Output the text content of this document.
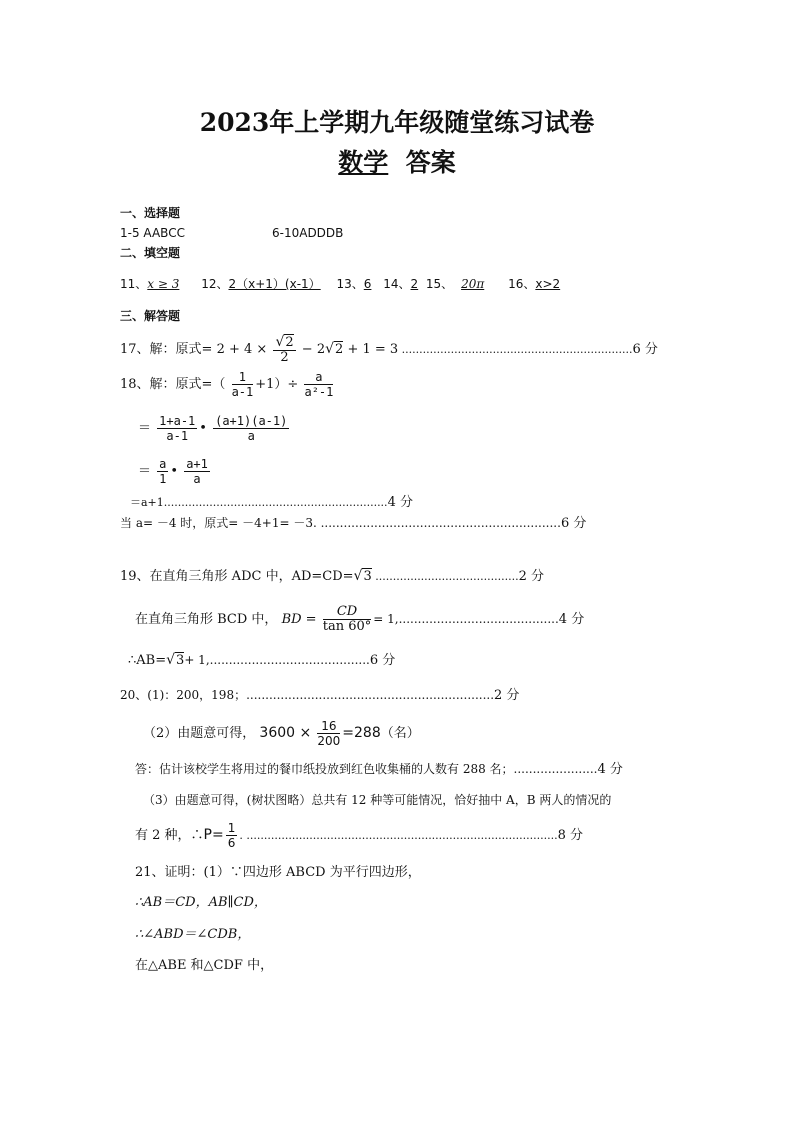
2023年上学期九年级随堂练习试卷
数学 答案
一、选择题
1-5 AABCC	6-10ADDDB
二、填空题
11、x ≥ 3 12、2（x+1）(x-1） 13、6 14、2 15、 20π 16、x>2
三、解答题
17、解：原式= $2 + 4 \times \frac{√2}{2} - 2√2 + 1 = 3$ ..................................................................6 分
18、解：原式=（ $\frac{1}{a-1} +1)\div \frac{a}{\text{a²-1}}$
＝ $\frac{1+a-1}{a-1}$ • $\frac{(a+1)(a-1)}{a}$
＝ $\frac{a}{1}$ • $\frac{a+1}{a}$
＝a+1................................................................4 分
当 a= －4 时，原式= －4+1= －3. ...............................................................6 分
19、在直角三角形 ADC 中，AD=CD=√3 .........................................2 分
在直角三角形 BCD 中， BD = $\frac{CD}{\tan 60^\circ} = 1,..........................................4$ 分
∴AB=√3+ 1,..........................................6 分
20、(1)：200，198；.................................................................2 分
（2）由题意可得， $3600 \times \frac{16}{200} =288$（名）
答：估计该校学生将用过的餐巾纸投放到红色收集桶的人数有 288 名；......................4 分
（3）由题意可得，(树状图略）总共有 12 种等可能情况，恰好抽中 A，B 两人的情况的
有 2 种，∴P= $\frac{1}{6}$ . .........................................................................................8 分
21、证明：(1）∵四边形 ABCD 为平行四边形，
∴AB＝CD，AB∥CD，
∴∠ABD＝∠CDB，
在△ABE 和△CDF 中，
